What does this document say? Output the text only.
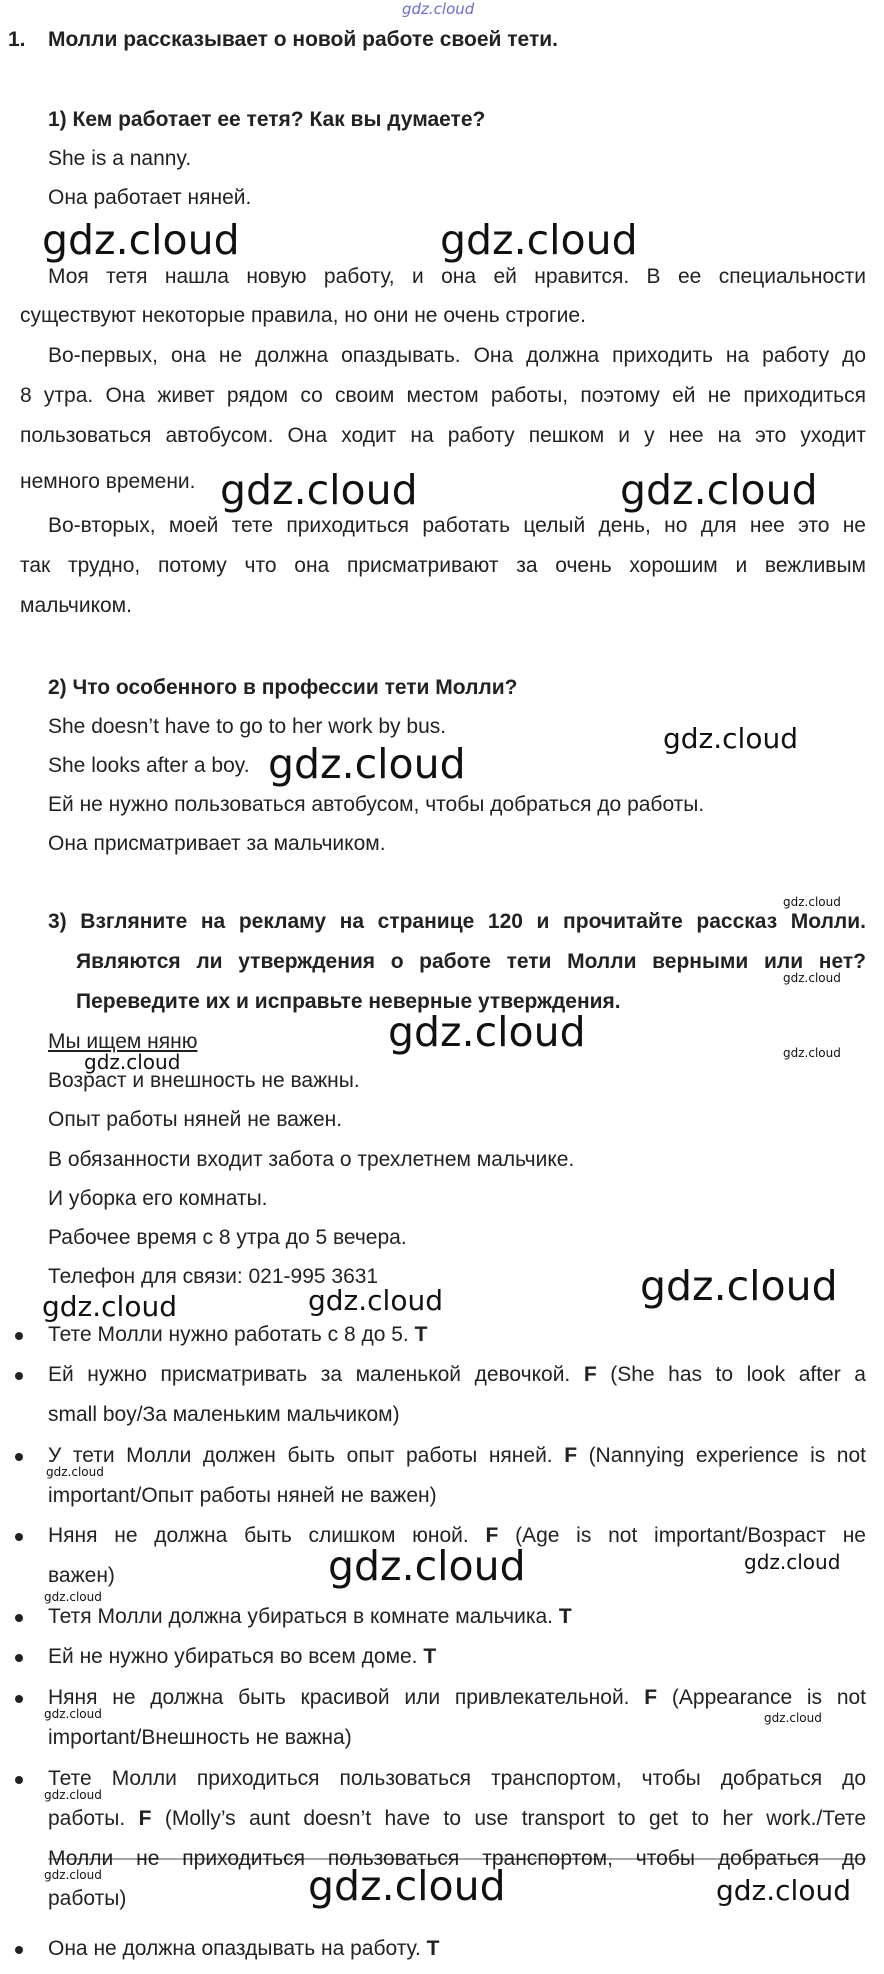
gdz.cloud
1. Молли рассказывает о новой работе своей тети.
1) Кем работает ее тетя? Как вы думаете?
She is a nanny.
Она работает няней.
gdz.cloud	gdz.cloud
Моя тетя нашла новую работу, и она ей нравится. В ее специальности
существуют некоторые правила, но они не очень строгие.
Во-первых, она не должна опаздывать. Она должна приходить на работу до
8 утра. Она живет рядом со своим местом работы, поэтому ей не приходиться
пользоваться автобусом. Она ходит на работу пешком и у нее на это уходит
немного времени. gdz.cloud	gdz.cloud
Во-вторых, моей тете приходиться работать целый день, но для нее это не
так трудно, потому что она присматривают за очень хорошим и вежливым
мальчиком.
2) Что особенного в профессии тети Молли?
She doesn’t have to go to her work by bus.	gdz.cloud
She looks after a boy. gdz.cloud
Ей не нужно пользоваться автобусом, чтобы добраться до работы.
Она присматривает за мальчиком.
gdz.cloud
3) Взгляните на рекламу на странице 120 и прочитайте рассказ Молли.
Являются ли утверждения о работе тети Молли верными или нет?
gdz.cloud
Переведите их и исправьте неверные утверждения.
Мы ищем няню	gdz.cloud	gdz.cloud
gdz.cloud
Возраст и внешность не важны.
Опыт работы няней не важен.
В обязанности входит забота о трехлетнем мальчике.
И уборка его комнаты.
Рабочее время с 8 утра до 5 вечера.
Телефон для связи: 021-995 3631	gdz.cloud
gdz.cloud	gdz.cloud
Тете Молли нужно работать с 8 до 5. T
Ей нужно присматривать за маленькой девочкой. F (She has to look after a
small boy/За маленьким мальчиком)
У тети Молли должен быть опыт работы няней. F (Nannying experience is not
gdz.cloud
important/Опыт работы няней не важен)
Няня не должна быть слишком юной. F (Age is not important/Возраст не
важен)	gdz.cloud	gdz.cloud
gdz.cloud
Тетя Молли должна убираться в комнате мальчика. T
Ей не нужно убираться во всем доме. T
Няня не должна быть красивой или привлекательной. F (Appearance is not
gdz.cloud	gdz.cloud
important/Внешность не важна)
Тете Молли приходиться пользоваться транспортом, чтобы добраться до
gdz.cloud
работы. F (Molly’s aunt doesn’t have to use transport to get to her work./Тете
Молли не приходиться пользоваться транспортом, чтобы добраться до
gdz.cloud
работы)	gdz.cloud	gdz.cloud
Она не должна опаздывать на работу. T
